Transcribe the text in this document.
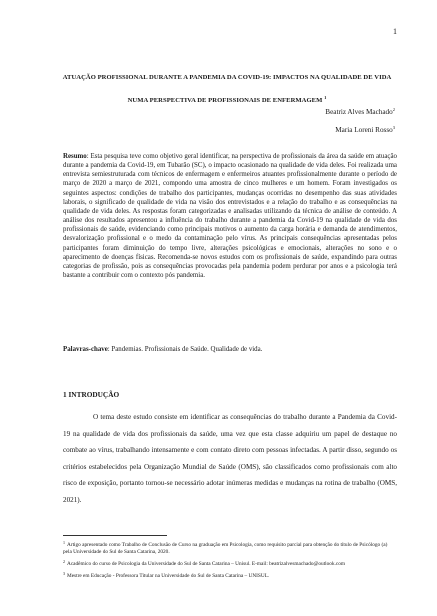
1
ATUAÇÃO PROFISSIONAL DURANTE A PANDEMIA DA COVID-19: IMPACTOS NA QUALIDADE DE VIDA NUMA PERSPECTIVA DE PROFISSIONAIS DE ENFERMAGEM $^1$
Beatriz Alves Machado$^2$
Maria Loreni Rosso$^3$
Resumo: Esta pesquisa teve como objetivo geral identificar, na perspectiva de profissionais da área da saúde em atuação durante a pandemia da Covid-19, em Tubarão (SC), o impacto ocasionado na qualidade de vida deles. Foi realizada uma entrevista semiestruturada com técnicos de enfermagem e enfermeiros atuantes profissionalmente durante o período de março de 2020 a março de 2021, compondo uma amostra de cinco mulheres e um homem. Foram investigados os seguintes aspectos: condições de trabalho dos participantes, mudanças ocorridas no desempenho das suas atividades laborais, o significado de qualidade de vida na visão dos entrevistados e a relação do trabalho e as consequências na qualidade de vida deles. As respostas foram categorizadas e analisadas utilizando da técnica de análise de conteúdo. A análise dos resultados apresentou a influência do trabalho durante a pandemia da Covid-19 na qualidade de vida dos profissionais de saúde, evidenciando como principais motivos o aumento da carga horária e demanda de atendimentos, desvalorização profissional e o medo da contaminação pelo vírus. As principais consequências apresentadas pelos participantes foram diminuição do tempo livre, alterações psicológicas e emocionais, alterações no sono e o aparecimento de doenças físicas. Recomenda-se novos estudos com os profissionais de saúde, expandindo para outras categorias de profissão, pois as consequências provocadas pela pandemia podem perdurar por anos e a psicologia terá bastante a contribuir com o contexto pós pandemia.
Palavras-chave: Pandemias. Profissionais de Saúde. Qualidade de vida.
1 INTRODUÇÃO
O tema deste estudo consiste em identificar as consequências do trabalho durante a Pandemia da Covid-19 na qualidade de vida dos profissionais da saúde, uma vez que esta classe adquiriu um papel de destaque no combate ao vírus, trabalhando intensamente e com contato direto com pessoas infectadas. A partir disso, segundo os critérios estabelecidos pela Organização Mundial de Saúde (OMS), são classificados como profissionais com alto risco de exposição, portanto tornou-se necessário adotar inúmeras medidas e mudanças na rotina de trabalho (OMS, 2021).
$^1$ Artigo apresentado como Trabalho de Conclusão de Curso na graduação em Psicologia, como requisito parcial para obtenção do título de Psicólogo (a) pela Universidade do Sul de Santa Catarina, 2020.
$^2$ Acadêmico do curso de Psicologia da Universidade do Sul de Santa Catarina – Unisul. E-mail: beatrizalvesmachado@outlook.com
$^3$ Mestre em Educação - Professora Titular na Universidade do Sul de Santa Catarina – UNISUL.
